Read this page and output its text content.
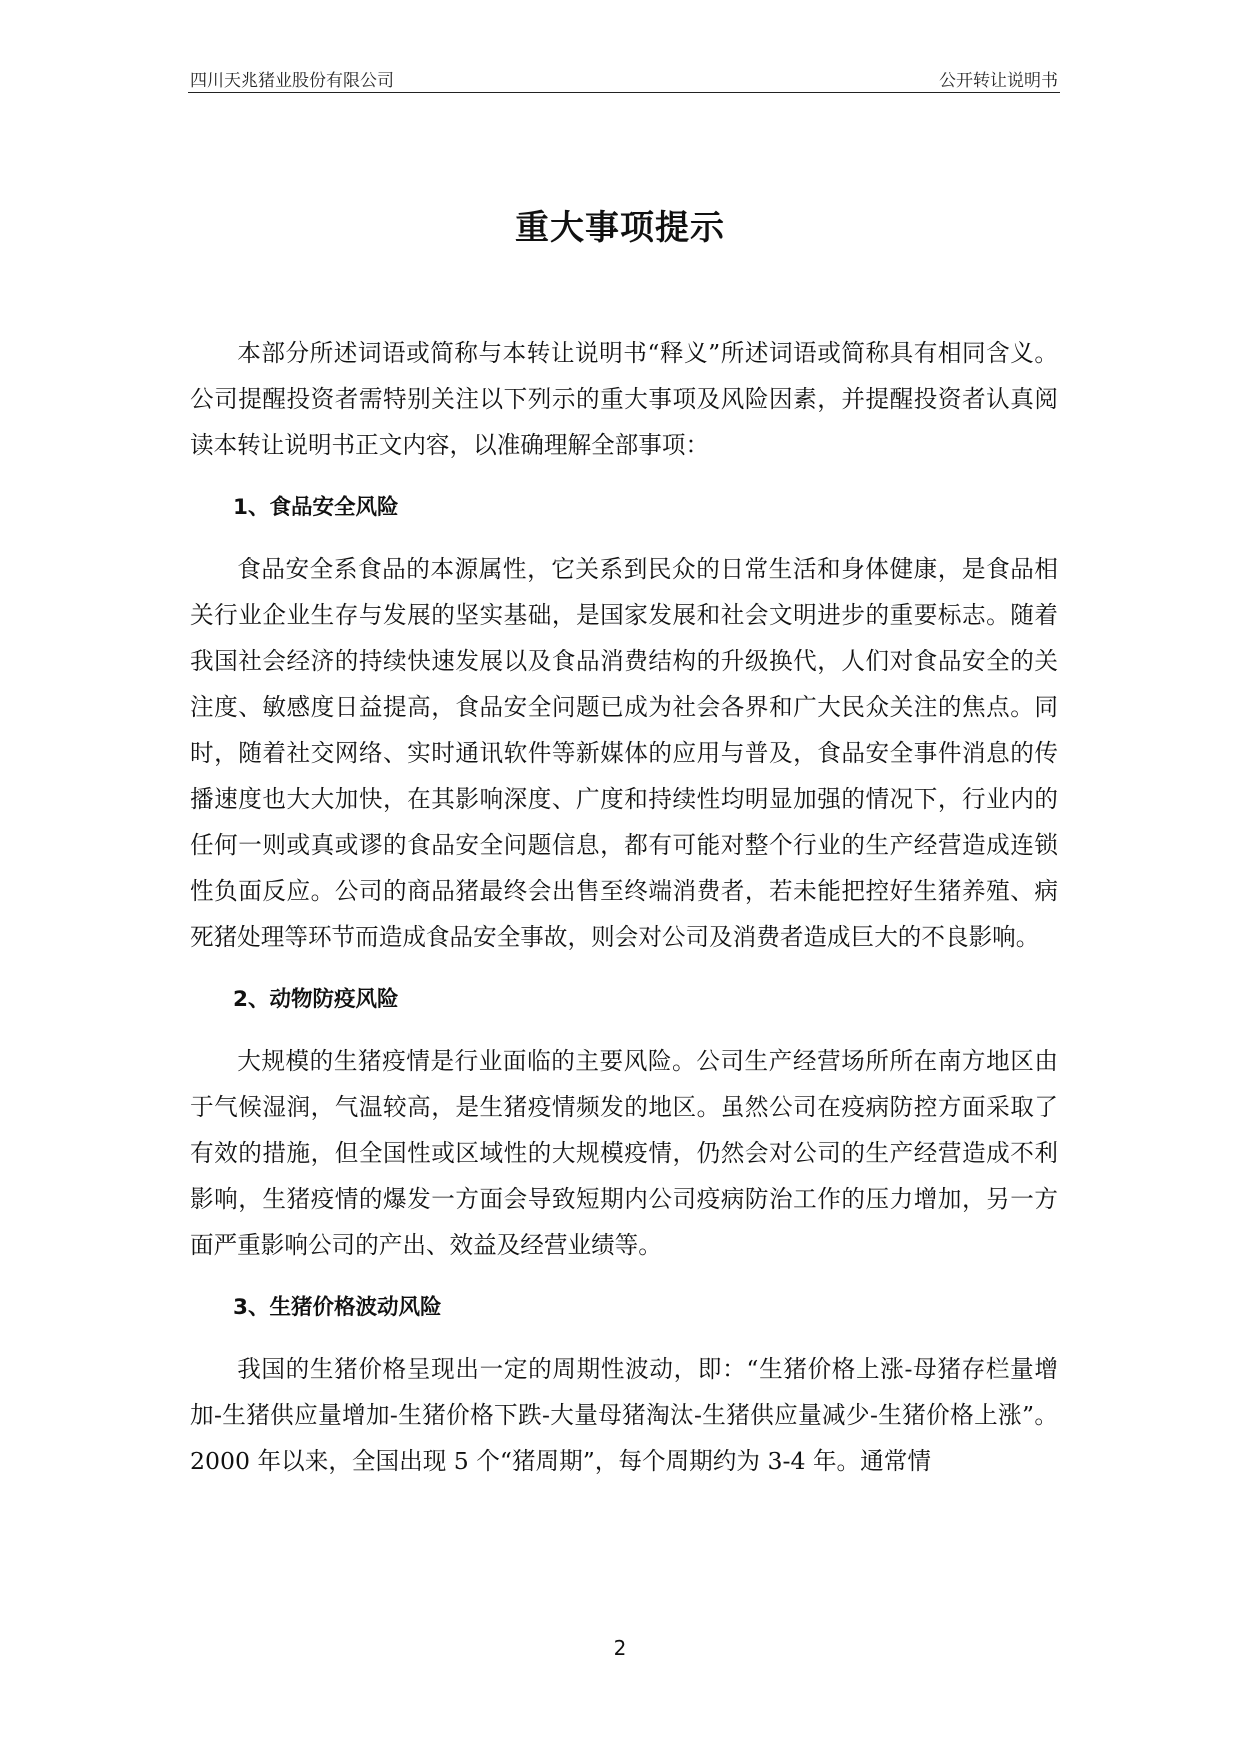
四川天兆猪业股份有限公司	公开转让说明书
重大事项提示

本部分所述词语或简称与本转让说明书“释义”所述词语或简称具有相同含义。公司提醒投资者需特别关注以下列示的重大事项及风险因素，并提醒投资者认真阅读本转让说明书正文内容，以准确理解全部事项：

1、食品安全风险

食品安全系食品的本源属性，它关系到民众的日常生活和身体健康，是食品相关行业企业生存与发展的坚实基础，是国家发展和社会文明进步的重要标志。随着我国社会经济的持续快速发展以及食品消费结构的升级换代，人们对食品安全的关注度、敏感度日益提高，食品安全问题已成为社会各界和广大民众关注的焦点。同时，随着社交网络、实时通讯软件等新媒体的应用与普及，食品安全事件消息的传播速度也大大加快，在其影响深度、广度和持续性均明显加强的情况下，行业内的任何一则或真或谬的食品安全问题信息，都有可能对整个行业的生产经营造成连锁性负面反应。公司的商品猪最终会出售至终端消费者，若未能把控好生猪养殖、病死猪处理等环节而造成食品安全事故，则会对公司及消费者造成巨大的不良影响。

2、动物防疫风险

大规模的生猪疫情是行业面临的主要风险。公司生产经营场所所在南方地区由于气候湿润，气温较高，是生猪疫情频发的地区。虽然公司在疫病防控方面采取了有效的措施，但全国性或区域性的大规模疫情，仍然会对公司的生产经营造成不利影响，生猪疫情的爆发一方面会导致短期内公司疫病防治工作的压力增加，另一方面严重影响公司的产出、效益及经营业绩等。

3、生猪价格波动风险

我国的生猪价格呈现出一定的周期性波动，即：“生猪价格上涨-母猪存栏量增加-生猪供应量增加-生猪价格下跌-大量母猪淘汰-生猪供应量减少-生猪价格上涨”。2000 年以来，全国出现 5 个“猪周期”，每个周期约为 3-4 年。通常情

2
